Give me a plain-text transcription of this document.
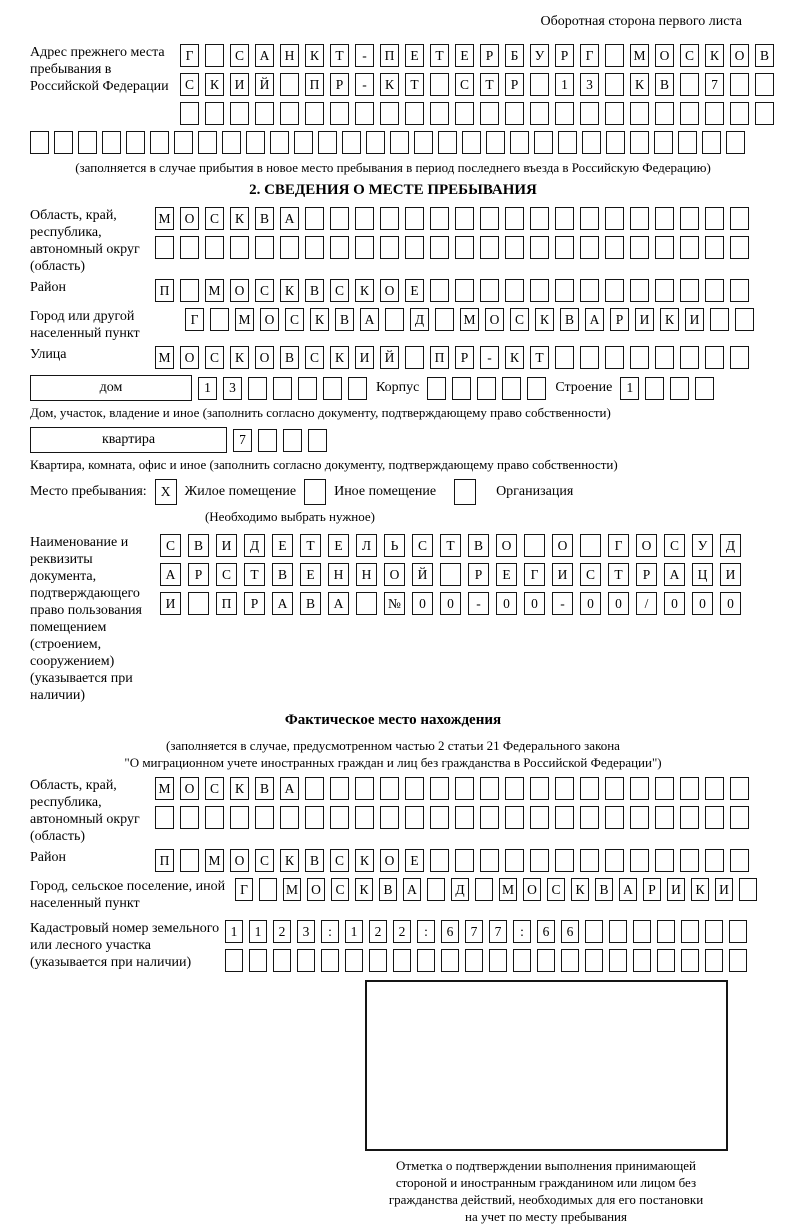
Оборотная сторона первого листа
Адрес прежнего места пребывания в Российской Федерации
Г	С	А	Н	К	Т	-	П	Е	Т	Е	Р	Б	У	Р	Г	М	О	С	К	О	В
С	К	И	Й	П	Р	-	К	Т	С	Т	Р	1	3	К	В	7
(заполняется в случае прибытия в новое место пребывания в период последнего въезда в Российскую Федерацию)
2. СВЕДЕНИЯ О МЕСТЕ ПРЕБЫВАНИЯ
Область, край, республика, автономный округ (область)
М	О	С	К	В	А
Район	П	М	О	С	К	В	С	К	О	Е
Город или другой населенный пункт
Г	М	О	С	К	В	А	Д	М	О	С	К	В	А	Р	И	К	И
Улица	М	О	С	К	О	В	С	К	И	Й	П	Р	-	К	Т
дом	1	3	Корпус	Строение	1
Дом, участок, владение и иное (заполнить согласно документу, подтверждающему право собственности)
квартира	7
Квартира, комната, офис и иное (заполнить согласно документу, подтверждающему право собственности)
Место пребывания:	X	Жилое помещение	Иное помещение	Организация
(Необходимо выбрать нужное)
Наименование и реквизиты документа, подтверждающего право пользования помещением (строением, сооружением) (указывается при наличии)
С	В	И	Д	Е	Т	Е	Л	Ь	С	Т	В	О	О	Г	О	С	У	Д
А	Р	С	Т	В	Е	Н	Н	О	Й	Р	Е	Г	И	С	Т	Р	А	Ц	И
И	П	Р	А	В	А	№	0	0	-	0	0	-	0	0	/	0	0	0
Фактическое место нахождения
(заполняется в случае, предусмотренном частью 2 статьи 21 Федерального закона
"О миграционном учете иностранных граждан и лиц без гражданства в Российской Федерации")
Область, край, республика, автономный округ (область)
М	О	С	К	В	А
Район	П	М	О	С	К	В	С	К	О	Е
Город, сельское поселение, иной населенный пункт
Г	М О	С	К	В	А	Д	М О	С	К	В	А	Р	И	К	И
Кадастровый номер земельного или лесного участка (указывается при наличии)
1	1	2	3	:	1	2	2	:	6	7	7	:	6	6
Отметка о подтверждении выполнения принимающей
стороной и иностранным гражданином или лицом без
гражданства действий, необходимых для его постановки
на учет по месту пребывания
